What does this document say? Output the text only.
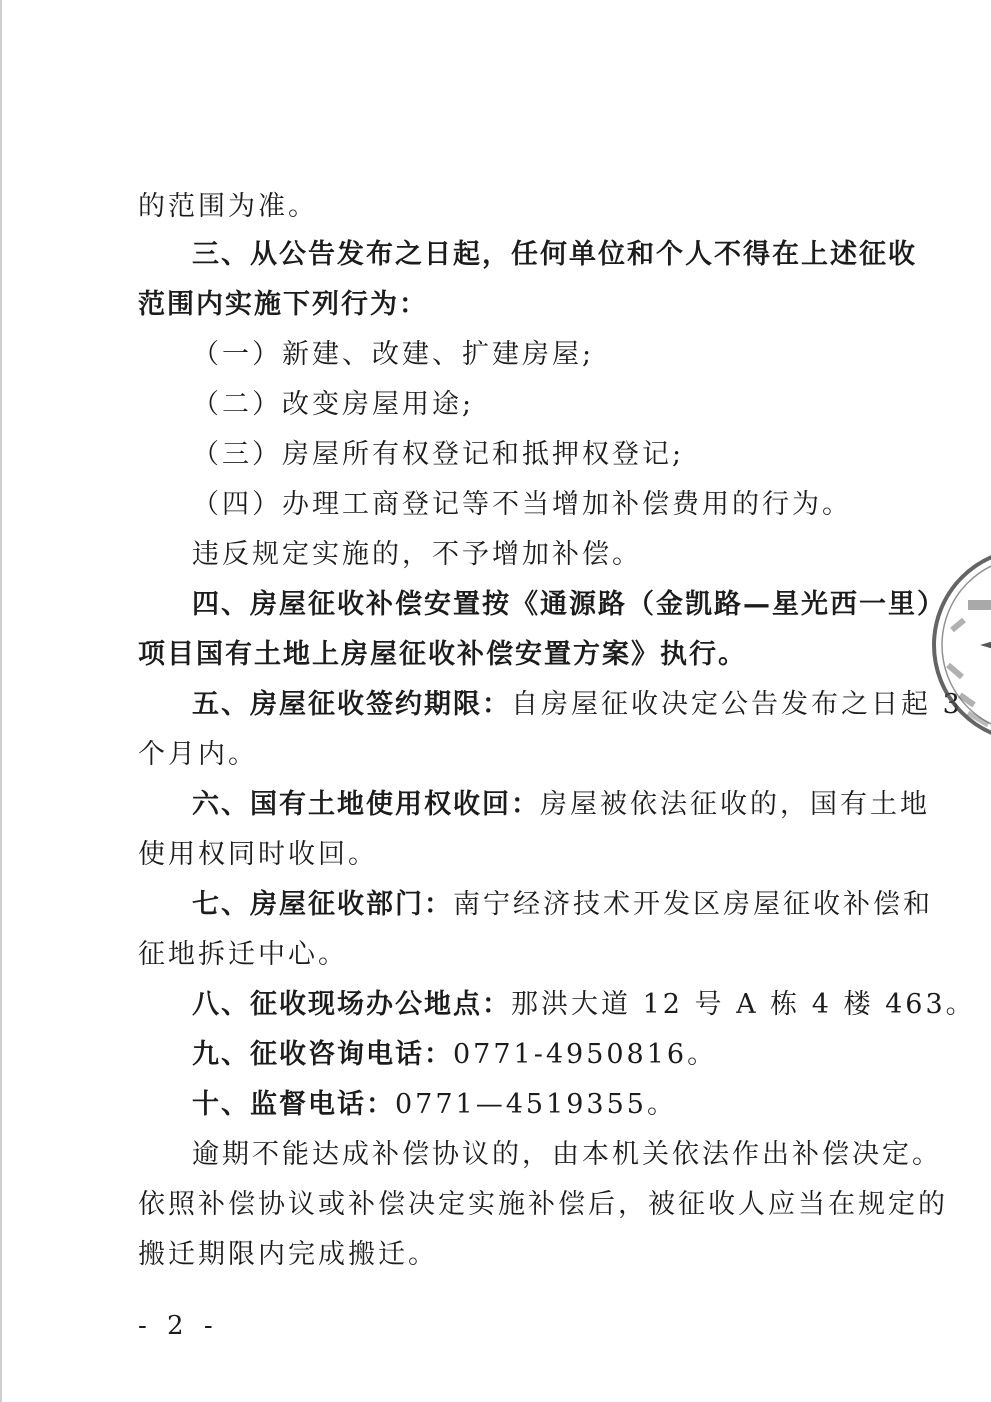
的范围为准。

三、从公告发布之日起，任何单位和个人不得在上述征收

范围内实施下列行为：

（一）新建、改建、扩建房屋;

（二）改变房屋用途;

（三）房屋所有权登记和抵押权登记;

（四）办理工商登记等不当增加补偿费用的行为。

违反规定实施的，不予增加补偿。

四、房屋征收补偿安置按《通源路（金凯路—星光西一里）

项目国有土地上房屋征收补偿安置方案》执行。

五、房屋征收签约期限：自房屋征收决定公告发布之日起 3

个月内。

六、国有土地使用权收回：房屋被依法征收的，国有土地

使用权同时收回。

七、房屋征收部门：南宁经济技术开发区房屋征收补偿和

征地拆迁中心。

八、征收现场办公地点：那洪大道 12 号 A 栋 4 楼 463。

九、征收咨询电话：0771-4950816。

十、监督电话：0771—4519355。

逾期不能达成补偿协议的，由本机关依法作出补偿决定。

依照补偿协议或补偿决定实施补偿后，被征收人应当在规定的

搬迁期限内完成搬迁。

- 2 -
